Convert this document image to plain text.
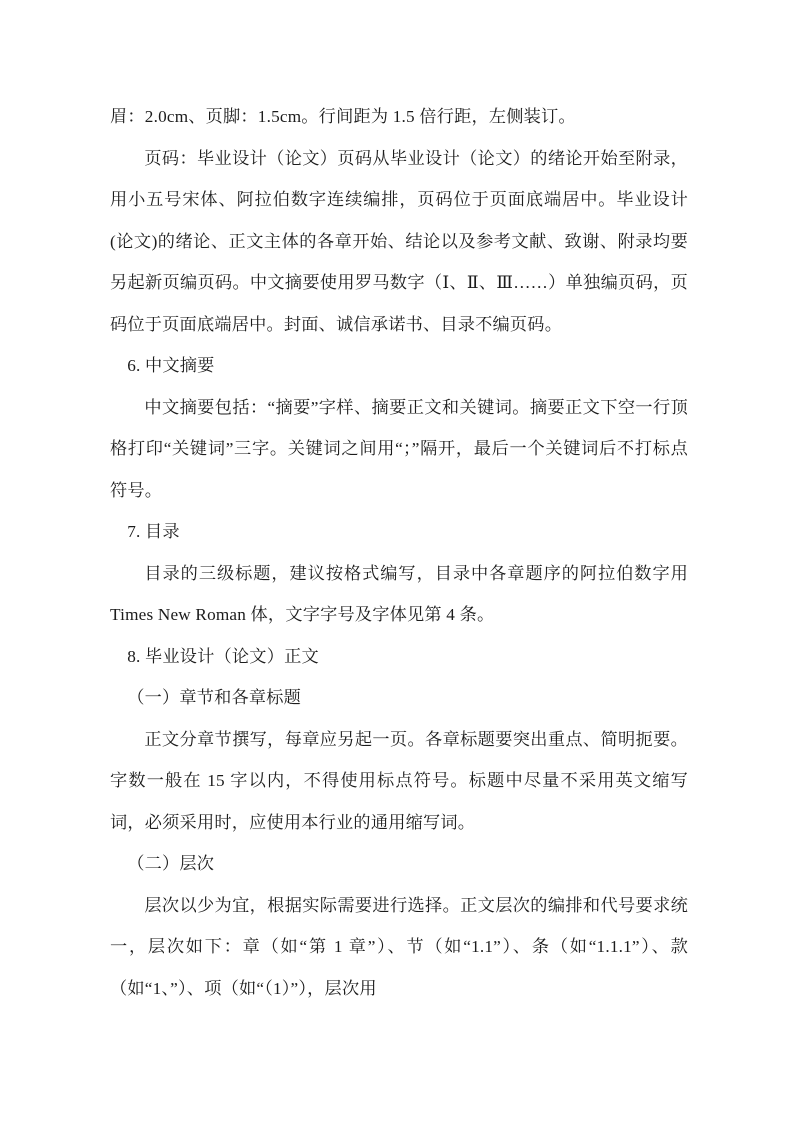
眉：2.0cm、页脚：1.5cm。行间距为 1.5 倍行距，左侧装订。

页码：毕业设计（论文）页码从毕业设计（论文）的绪论开始至附录，用小五号宋体、阿拉伯数字连续编排，页码位于页面底端居中。毕业设计(论文)的绪论、正文主体的各章开始、结论以及参考文献、致谢、附录均要另起新页编页码。中文摘要使用罗马数字（Ⅰ、Ⅱ、Ⅲ……）单独编页码，页码位于页面底端居中。封面、诚信承诺书、目录不编页码。

6. 中文摘要

中文摘要包括：“摘要”字样、摘要正文和关键词。摘要正文下空一行顶格打印“关键词”三字。关键词之间用“；”隔开，最后一个关键词后不打标点符号。

7. 目录

目录的三级标题，建议按格式编写，目录中各章题序的阿拉伯数字用 Times New Roman 体，文字字号及字体见第 4 条。

8. 毕业设计（论文）正文

（一）章节和各章标题

正文分章节撰写，每章应另起一页。各章标题要突出重点、简明扼要。字数一般在 15 字以内，不得使用标点符号。标题中尽量不采用英文缩写词，必须采用时，应使用本行业的通用缩写词。

（二）层次

层次以少为宜，根据实际需要进行选择。正文层次的编排和代号要求统一，层次如下：章（如“第 1 章”）、节（如“1.1”）、条（如“1.1.1”）、款（如“1、”）、项（如“（1）”），层次用
